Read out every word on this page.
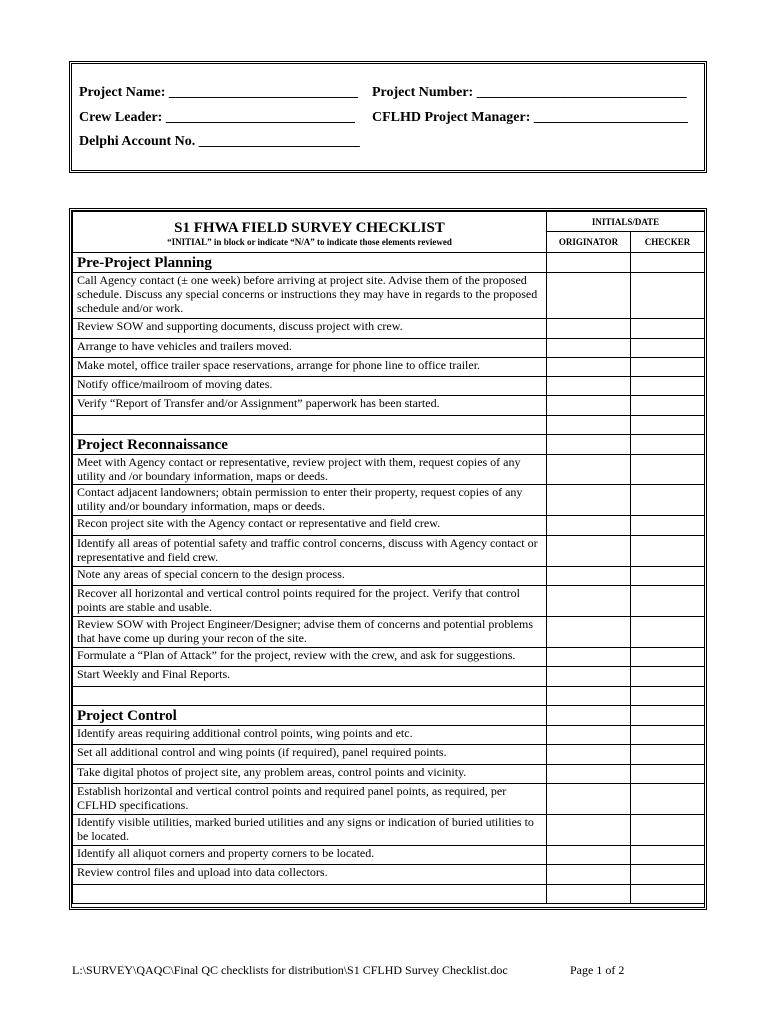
Project Name: ___________________________ Project Number: ______________________________
Crew Leader: ___________________________ CFLHD Project Manager: ______________________
Delphi Account No. _______________________
S1 FHWA FIELD SURVEY CHECKLIST
“INITIAL” in block or indicate “N/A” to indicate those elements reviewed	INITIALS/DATE	
	ORIGINATOR	CHECKER
Pre-Project Planning		
Call Agency contact (± one week) before arriving at project site. Advise them of the proposed schedule. Discuss any special concerns or instructions they may have in regards to the proposed schedule and/or work.		
Review SOW and supporting documents, discuss project with crew.		
Arrange to have vehicles and trailers moved.		
Make motel, office trailer space reservations, arrange for phone line to office trailer.		
Notify office/mailroom of moving dates.		
Verify “Report of Transfer and/or Assignment” paperwork has been started.		

Project Reconnaissance		
Meet with Agency contact or representative, review project with them, request copies of any utility and /or boundary information, maps or deeds.		
Contact adjacent landowners; obtain permission to enter their property, request copies of any utility and/or boundary information, maps or deeds.		
Recon project site with the Agency contact or representative and field crew.		
Identify all areas of potential safety and traffic control concerns, discuss with Agency contact or representative and field crew.		
Note any areas of special concern to the design process.		
Recover all horizontal and vertical control points required for the project. Verify that control points are stable and usable.		
Review SOW with Project Engineer/Designer; advise them of concerns and potential problems that have come up during your recon of the site.		
Formulate a “Plan of Attack” for the project, review with the crew, and ask for suggestions.		
Start Weekly and Final Reports.		

Project Control		
Identify areas requiring additional control points, wing points and etc.		
Set all additional control and wing points (if required), panel required points.		
Take digital photos of project site, any problem areas, control points and vicinity.		
Establish horizontal and vertical control points and required panel points, as required, per CFLHD specifications.		
Identify visible utilities, marked buried utilities and any signs or indication of buried utilities to be located.		
Identify all aliquot corners and property corners to be located.		
Review control files and upload into data collectors.		

L:\SURVEY\QAQC\Final QC checklists for distribution\S1 CFLHD Survey Checklist.doc	Page 1 of 2
